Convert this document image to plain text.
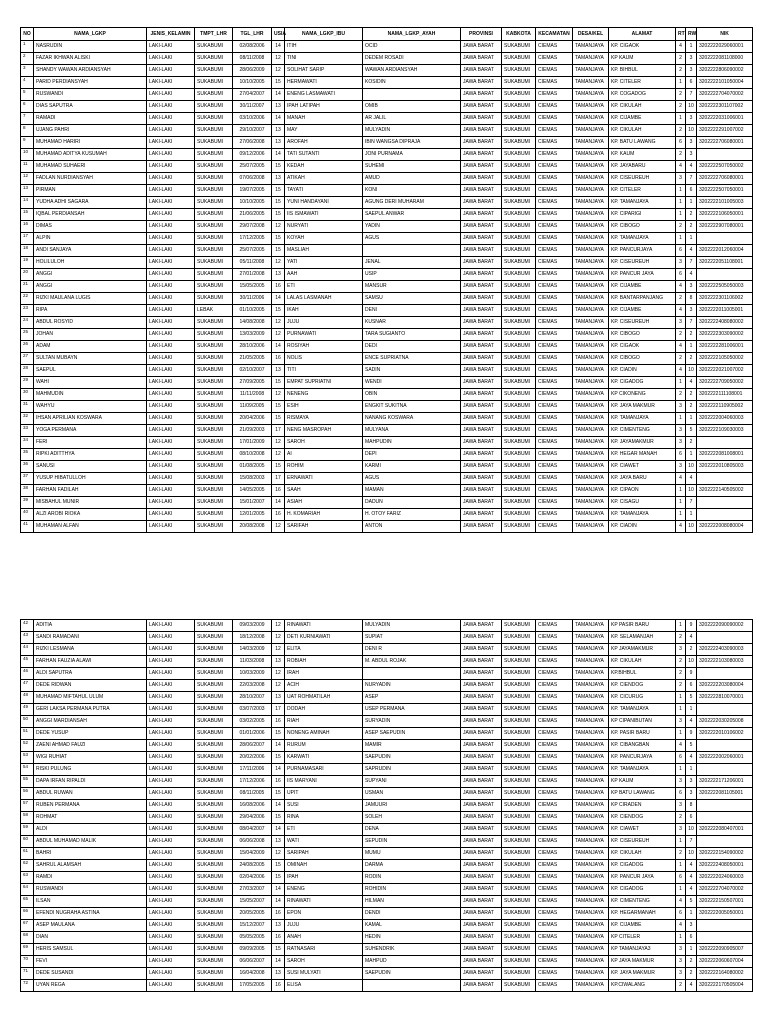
NO	NAMA_LGKP	JENIS_KELAMIN	TMPT_LHR	TGL_LHR	USIA	NAMA_LGKP_IBU	NAMA_LGKP_AYAH	PROVINSI	KABKOTA	KECAMATAN	DESA/KEL	ALAMAT	RT	RW	NIK
1	NASRUDIN	LAKI-LAKI	SUKABUMI	02/08/2006	14	ITIH	OCID	JAWA BARAT	SUKABUMI	CIEMAS	TAMANJAYA	KP. CIGAOK	4	1	3202222029060001
2	FAZAR IKHWAN ALISKI	LAKI-LAKI	SUKABUMI	08/11/2008	12	TINI	DEDEM ROSADI	JAWA BARAT	SUKABUMI	CIEMAS	TAMANJAYA	KP KAUM	2	3	3202222081108000
3	SHANDY WAWAN ARDIANSYAH	LAKI-LAKI	SUKABUMI	28/06/2009	12	SOLIHAT SARIP	WAWAN ARDIANSYAH	JAWA BARAT	SUKABUMI	CIEMAS	TAMANJAYA	KP. BIHBUL	2	3	3202222806090002
4	PARID PERDIANSYAH	LAKI-LAKI	SUKABUMI	10/10/2005	15	HERMAWATI	KOSIDIN	JAWA BARAT	SUKABUMI	CIEMAS	TAMANJAYA	KP. CITELER	1	6	3202222101050004
5	RUSWANDI	LAKI-LAKI	SUKABUMI	27/04/2007	14	ENENG LASMAWATI		JAWA BARAT	SUKABUMI	CIEMAS	TAMANJAYA	KP. COGADOG	2	7	3202222704070002
6	DIAS SAPUTRA	LAKI-LAKI	SUKABUMI	30/11/2007	13	IPAH LATIPAH	OMIB	JAWA BARAT	SUKABUMI	CIEMAS	TAMANJAYA	KP. CIKULAH	2	10	3202222301107002
7	RAMADI	LAKI-LAKI	SUKABUMI	03/10/2006	14	MANAH	AR JALIL	JAWA BARAT	SUKABUMI	CIEMAS	TAMANJAYA	KP. CIJAMBE	1	3	3202222031006001
8	UJANG PAHRI	LAKI-LAKI	SUKABUMI	29/10/2007	13	MAY	MULYADIN	JAWA BARAT	SUKABUMI	CIEMAS	TAMANJAYA	KP. CIKULAH	2	10	3202222291007002
9	MUHAMAD HARIRI	LAKI-LAKI	SUKABUMI	27/06/2008	13	AROFAH	IBIN WANGSA DIPRAJA	JAWA BARAT	SUKABUMI	CIEMAS	TAMANJAYA	KP. BATU LAWANG	6	3	3202222706080001
10	MUHAMAD ADITYA KUSUMAH	LAKI-LAKI	SUKABUMI	09/12/2006	14	TATI SUTANTI	JONI PURNAMA	JAWA BARAT	SUKABUMI	CIEMAS	TAMANJAYA	KP. KAUM	2	3	
11	MUHAMAD SUHAERI	LAKI-LAKI	SUKABUMI	25/07/2005	15	KEDAH	SUHEMI	JAWA BARAT	SUKABUMI	CIEMAS	TAMANJAYA	KP. JAYABARU	4	4	3202222507050002
12	FADLAN NURDIANSYAH	LAKI-LAKI	SUKABUMI	07/06/2008	13	ATIKAH	AMUD	JAWA BARAT	SUKABUMI	CIEMAS	TAMANJAYA	KP. CISEUREUH	3	7	3202222706080001
13	PIRMAN	LAKI-LAKI	SUKABUMI	19/07/2005	15	TAYATI	KONI	JAWA BARAT	SUKABUMI	CIEMAS	TAMANJAYA	KP. CITELER	1	6	3202222507050001
14	YUDHA ADHI SAGARA	LAKI-LAKI	SUKABUMI	10/10/2005	15	YUNI HANDAYANI	AGUNG DERI MUHARAM	JAWA BARAT	SUKABUMI	CIEMAS	TAMANJAYA	KP. TAMANJAYA	1	1	3202222101005003
15	IQBAL PERDIANSAH	LAKI-LAKI	SUKABUMI	21/06/2005	15	IIS ISMAWATI	SAEPUL ANWAR	JAWA BARAT	SUKABUMI	CIEMAS	TAMANJAYA	KP. CIPARIGI	1	2	3202222106050001
16	DIMAS	LAKI-LAKI	SUKABUMI	29/07/2008	12	NURYATI	YADIN	JAWA BARAT	SUKABUMI	CIEMAS	TAMANJAYA	KP. CIBOGO	2	2	3202222907080001
17	ALPIN	LAKI-LAKI	SUKABUMI	17/12/2005	15	KOYAH	AGUS	JAWA BARAT	SUKABUMI	CIEMAS	TAMANJAYA	KP. TAMANJAYA	1	1	
18	ANDI SANJAYA	LAKI-LAKI	SUKABUMI	25/07/2005	15	MASLIAH		JAWA BARAT	SUKABUMI	CIEMAS	TAMANJAYA	KP. PANCURJAYA	6	4	3202222012060004
19	HOLILULOH	LAKI-LAKI	SUKABUMI	05/11/2008	12	YATI	JENAL	JAWA BARAT	SUKABUMI	CIEMAS	TAMANJAYA	KP. CISEUREUH	3	7	3202222051108001
20	ANGGI	LAKI-LAKI	SUKABUMI	27/01/2008	13	AAH	USIP	JAWA BARAT	SUKABUMI	CIEMAS	TAMANJAYA	KP. PANCUR JAYA	6	4	
21	ANGGI	LAKI-LAKI	SUKABUMI	15/05/2005	16	ETI	MANSUR	JAWA BARAT	SUKABUMI	CIEMAS	TAMANJAYA	KP. CIJAMBE	4	3	3202222505050003
22	RIZKI MAULANA LUGIS	LAKI-LAKI	SUKABUMI	30/11/2006	14	LALAS LASMANAH	SAMSU	JAWA BARAT	SUKABUMI	CIEMAS	TAMANJAYA	KP. BANTARPANJANG	2	8	3202222301106002
23	RIPA	LAKI-LAKI	LEBAK	01/10/2005	15	IKAH	DENI	JAWA BARAT	SUKABUMI	CIEMAS	TAMANJAYA	KP. CIJAMBE	4	3	3202222011005001
24	ABDUL ROSYID	LAKI-LAKI	SUKABUMI	14/08/2008	12	JUJU	KUSNAR	JAWA BARAT	SUKABUMI	CIEMAS	TAMANJAYA	KP. CISEUREUH	3	7	3202222408080002
25	JOHAN	LAKI-LAKI	SUKABUMI	13/03/2009	12	PURNAWATI	TARA SUGIANTO	JAWA BARAT	SUKABUMI	CIEMAS	TAMANJAYA	KP. CIBOGO	2	2	3202222303090002
26	ADAM	LAKI-LAKI	SUKABUMI	28/10/2006	14	ROSIYAH	DEDI	JAWA BARAT	SUKABUMI	CIEMAS	TAMANJAYA	KP. CIGAOK	4	1	3202222281006001
27	SULTAN MUBAYN	LAKI-LAKI	SUKABUMI	21/05/2005	16	NOLIS	ENCE SUPRIATNA	JAWA BARAT	SUKABUMI	CIEMAS	TAMANJAYA	KP. CIBOGO	2	2	3202222105050002
28	SAEPUL	LAKI-LAKI	SUKABUMI	02/10/2007	13	TITI	SADIN	JAWA BARAT	SUKABUMI	CIEMAS	TAMANJAYA	KP. CIADIN	4	10	3202222021007002
29	WAHI	LAKI-LAKI	SUKABUMI	27/09/2005	15	EMPAT SUPRIATNI	WENDI	JAWA BARAT	SUKABUMI	CIEMAS	TAMANJAYA	KP. CIGADOG	1	4	3202222709050002
30	MAHMUDIN	LAKI-LAKI	SUKABUMI	11/11/2008	12	NENENG	OBIN	JAWA BARAT	SUKABUMI	CIEMAS	TAMANJAYA	KP CIKONENG	2	2	3202222111108001
31	WAHYU	LAKI-LAKI	SUKABUMI	11/09/2005	15	ESIH	ENGKIT SUKITNA	JAWA BARAT	SUKABUMI	CIEMAS	TAMANJAYA	KP. JAYA MAKMUR	3	2	3202222110905002
32	IHSAN APRILIAN KOSWARA	LAKI-LAKI	SUKABUMI	20/04/2006	15	RISMAYA	NANANG KOSWARA	JAWA BARAT	SUKABUMI	CIEMAS	TAMANJAYA	KP. TAMANJAYA	1	1	3202222004060003
33	YOGA PERMANA	LAKI-LAKI	SUKABUMI	21/09/2003	17	NENG MASROPAH	MULYANA	JAWA BARAT	SUKABUMI	CIEMAS	TAMANJAYA	KP. CIMENTENG	3	5	3202222109030003
34	FERI	LAKI-LAKI	SUKABUMI	17/01/2009	12	SAROH	MAHPUDIN	JAWA BARAT	SUKABUMI	CIEMAS	TAMANJAYA	KP. JAYAMAKMUR	3	2	
35	RIPKI ADITTHYA	LAKI-LAKI	SUKABUMI	08/10/2008	12	AI	DEPI	JAWA BARAT	SUKABUMI	CIEMAS	TAMANJAYA	KP. HEGAR MANAH	6	1	3202222081008001
36	SANUSI	LAKI-LAKI	SUKABUMI	01/08/2005	15	ROHIM	KARMI	JAWA BARAT	SUKABUMI	CIEMAS	TAMANJAYA	KP. CIAWET	3	10	3202222010805003
37	YUSUP HIBATULLOH	LAKI-LAKI	SUKABUMI	15/08/2003	17	ERNAWATI	AGUS	JAWA BARAT	SUKABUMI	CIEMAS	TAMANJAYA	KP. JAYA BARU	4	4	
38	FARHAN FADILAH	LAKI-LAKI	SUKABUMI	14/05/2005	16	SAAH	MAMAN	JAWA BARAT	SUKABUMI	CIEMAS	TAMANJAYA	KP. CIPAON	1	10	3202222140505002
39	MISBAHUL MUNIR	LAKI-LAKI	SUKABUMI	15/01/2007	14	ASIAH	DADUN	JAWA BARAT	SUKABUMI	CIEMAS	TAMANJAYA	KP. CISAGU	1	7	
40	ALZI AROBI RIOKA	LAKI-LAKI	SUKABUMI	12/01/2005	16	H. KOMARIAH	H. OTOY FARIZ	JAWA BARAT	SUKABUMI	CIEMAS	TAMANJAYA	KP. TAMANJAYA	1	1	
41	MUHAMAN ALFAN	LAKI-LAKI	SUKABUMI	20/08/2008	12	SARIFAH	ANTON	JAWA BARAT	SUKABUMI	CIEMAS	TAMANJAYA	KP. CIADIN	4	10	3202222008080004
42	ADITIA	LAKI-LAKI	SUKABUMI	09/03/2009	12	RINAWATI	MULYADIN	JAWA BARAT	SUKABUMI	CIEMAS	TAMANJAYA	KP PASIR BARU	1	9	3202222090090002
43	SANDI RAMADANI	LAKI-LAKI	SUKABUMI	18/12/2008	12	DETI KURNIAWATI	SUPIAT	JAWA BARAT	SUKABUMI	CIEMAS	TAMANJAYA	KP. SELAMANJAH	2	4	
44	RIZKI LESMANA	LAKI-LAKI	SUKABUMI	14/03/2009	12	ELITA	DENI R	JAWA BARAT	SUKABUMI	CIEMAS	TAMANJAYA	KP JAYAMAKMUR	3	2	3202222403090003
45	FARHAN FAUZIA ALAWI	LAKI-LAKI	SUKABUMI	11/03/2008	13	ROBIAH	M. ABDUL ROJAK	JAWA BARAT	SUKABUMI	CIEMAS	TAMANJAYA	KP. CIKULAH	2	10	3202222103080003
46	ALDI SAPUTRA	LAKI-LAKI	SUKABUMI	10/03/2009	12	IRAH		JAWA BARAT	SUKABUMI	CIEMAS	TAMANJAYA	KP.BIHBUL	2	9	
47	DEDE RIDWAN	LAKI-LAKI	SUKABUMI	22/03/2008	12	ACIH	NURYADIN	JAWA BARAT	SUKABUMI	CIEMAS	TAMANJAYA	KP. CIENDOG	2	6	3202222203080004
48	MUHAMAD MIFTAHUL ULUM	LAKI-LAKI	SUKABUMI	28/10/2007	13	UAT ROHMATILAH	ASEP	JAWA BARAT	SUKABUMI	CIEMAS	TAMANJAYA	KP. CICURUG	1	5	3202222810070001
49	GERI LAKSA PERMANA PUTRA	LAKI-LAKI	SUKABUMI	03/07/2003	17	DODAH	USEP PERMANA	JAWA BARAT	SUKABUMI	CIEMAS	TAMANJAYA	KP. TAMANJAYA	1	1	
50	ANGGI MARDIANSAH	LAKI-LAKI	SUKABUMI	03/02/2005	16	RIAH	SURYADIN	JAWA BARAT	SUKABUMI	CIEMAS	TAMANJAYA	KP CIPANIBUTAN	3	4	3202222030205008
51	DEDE YUSUP	LAKI-LAKI	SUKABUMI	01/01/2006	15	NONENG AMINAH	ASEP SAEPUDIN	JAWA BARAT	SUKABUMI	CIEMAS	TAMANJAYA	KP. PASIR BARU	1	9	3202222010106002
52	ZAENI AHMAD FAUZI	LAKI-LAKI	SUKABUMI	28/06/2007	14	RURUM	MAMIR	JAWA BARAT	SUKABUMI	CIEMAS	TAMANJAYA	KP. CIBANGBAN	4	5	
53	WIGI RUHIAT	LAKI-LAKI	SUKABUMI	20/02/2006	15	KARWATI	SAEPUDIN	JAWA BARAT	SUKABUMI	CIEMAS	TAMANJAYA	KP. PANCURJAYA	6	4	3202222002060001
54	RISKI PULUNG	LAKI-LAKI	SUKABUMI	17/11/2006	14	PURNAMASARI	SAPRUDIN	JAWA BARAT	SUKABUMI	CIEMAS	TAMANJAYA	KP. TAMANJAYA	1	1	
55	DAPA IRFAN RIPALDI	LAKI-LAKI	SUKABUMI	17/12/2006	16	IIS MARYANI	SUPYANI	JAWA BARAT	SUKABUMI	CIEMAS	TAMANJAYA	KP KAUM	3	3	3202222171206001
56	ABDUL RUWAN	LAKI-LAKI	SUKABUMI	08/11/2005	15	UPIT	USMAN	JAWA BARAT	SUKABUMI	CIEMAS	TAMANJAYA	KP BATU LAWANG	6	3	3202222081105001
57	RUBEN PERMANA	LAKI-LAKI	SUKABUMI	16/08/2006	14	SUSI	JAMUURI	JAWA BARAT	SUKABUMI	CIEMAS	TAMANJAYA	KP CIRADEN	3	8	
58	ROHMAT	LAKI-LAKI	SUKABUMI	29/04/2006	15	RINA	SOLEH	JAWA BARAT	SUKABUMI	CIEMAS	TAMANJAYA	KP. CIENDOG	2	6	
59	ALDI	LAKI-LAKI	SUKABUMI	08/04/2007	14	ETI	DENA	JAWA BARAT	SUKABUMI	CIEMAS	TAMANJAYA	KP. CIAWET	3	10	3202222080407001
60	ABDUL MUHAMAD MALIK	LAKI-LAKI	SUKABUMI	06/06/2008	13	WATI	SEPUDIN	JAWA BARAT	SUKABUMI	CIEMAS	TAMANJAYA	KP. CISEUREUH	1	7	
61	BAHRI	LAKI-LAKI	SUKABUMI	15/04/2009	12	SARIPAH	MUMU	JAWA BARAT	SUKABUMI	CIEMAS	TAMANJAYA	KP. CIKULAH	2	10	3202222154090002
62	SAHRUL ALAMSAH	LAKI-LAKI	SUKABUMI	24/08/2005	15	OMINAH	DARMA	JAWA BARAT	SUKABUMI	CIEMAS	TAMANJAYA	KP. CIGADOG	1	4	3202222408050001
63	RAMDI	LAKI-LAKI	SUKABUMI	02/04/2006	15	IPAH	RODIN	JAWA BARAT	SUKABUMI	CIEMAS	TAMANJAYA	KP. PANCUR JAYA	6	4	3202222024060003
64	RUSWANDI	LAKI-LAKI	SUKABUMI	27/03/2007	14	ENENG	ROHIDIN	JAWA BARAT	SUKABUMI	CIEMAS	TAMANJAYA	KP. CIGADOG	1	4	3202222704070002
65	ILSAN	LAKI-LAKI	SUKABUMI	15/05/2007	14	RINAWATI	HILMAN	JAWA BARAT	SUKABUMI	CIEMAS	TAMANJAYA	KP. CIMENTENG	4	5	3202222150507001
66	EFENDI NUGRAHA ASTINA	LAKI-LAKI	SUKABUMI	20/05/2005	16	EPON	DENDI	JAWA BARAT	SUKABUMI	CIEMAS	TAMANJAYA	KP. HEGARMANAH	6	1	3202222005050001
67	ASEP MAULANA	LAKI-LAKI	SUKABUMI	15/12/2007	13	JUJU	KAMAL	JAWA BARAT	SUKABUMI	CIEMAS	TAMANJAYA	KP. CIJAMBE	4	3	
68	DIAN	LAKI-LAKI	SUKABUMI	05/05/2005	16	ANAH	HEDIN	JAWA BARAT	SUKABUMI	CIEMAS	TAMANJAYA	KP CITELER	1	6	
69	HERIS SAMSUL	LAKI-LAKI	SUKABUMI	09/09/2005	15	RATNASARI	SUHENDRIK	JAWA BARAT	SUKABUMI	CIEMAS	TAMANJAYA	KP TAMANJAYA3	3	1	3202222090905007
70	FEVI	LAKI-LAKI	SUKABUMI	06/06/2007	14	SAROH	MAHPUD	JAWA BARAT	SUKABUMI	CIEMAS	TAMANJAYA	KP JAYA MAKMUR	3	2	3202222060607004
71	DEDE SUSANDI	LAKI-LAKI	SUKABUMI	16/04/2008	13	SUSI MULYATI	SAEPUDIN	JAWA BARAT	SUKABUMI	CIEMAS	TAMANJAYA	KP. JAYA MAKMUR	3	2	3202222164080002
72	UYAN REGA	LAKI-LAKI	SUKABUMI	17/05/2005	16	ELISA		JAWA BARAT	SUKABUMI	CIEMAS	TAMANJAYA	KP.CIWALANG	2	4	3202222170505004
